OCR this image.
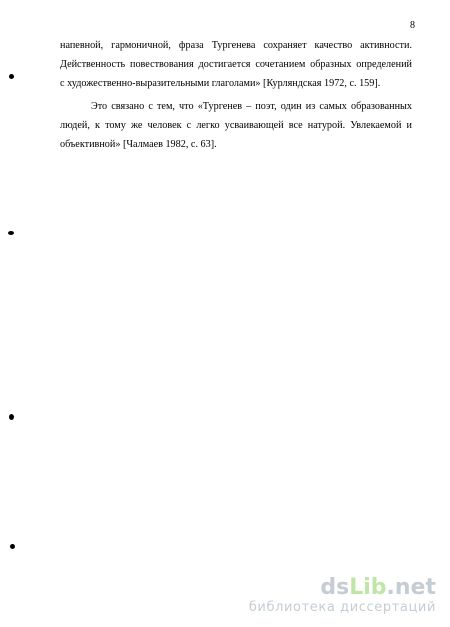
8
напевной, гармоничной, фраза Тургенева сохраняет качество активности.
Действенность повествования достигается сочетанием образных определений
с художественно-выразительными глаголами» [Курляндская 1972, с. 159].
Это связано с тем, что «Тургенев – поэт, один из самых образованных
людей, к тому же человек с легко усваивающей все натурой. Увлекаемой и
объективной» [Чалмаев 1982, с. 63].
dsLib.net
библиотека диссертаций
